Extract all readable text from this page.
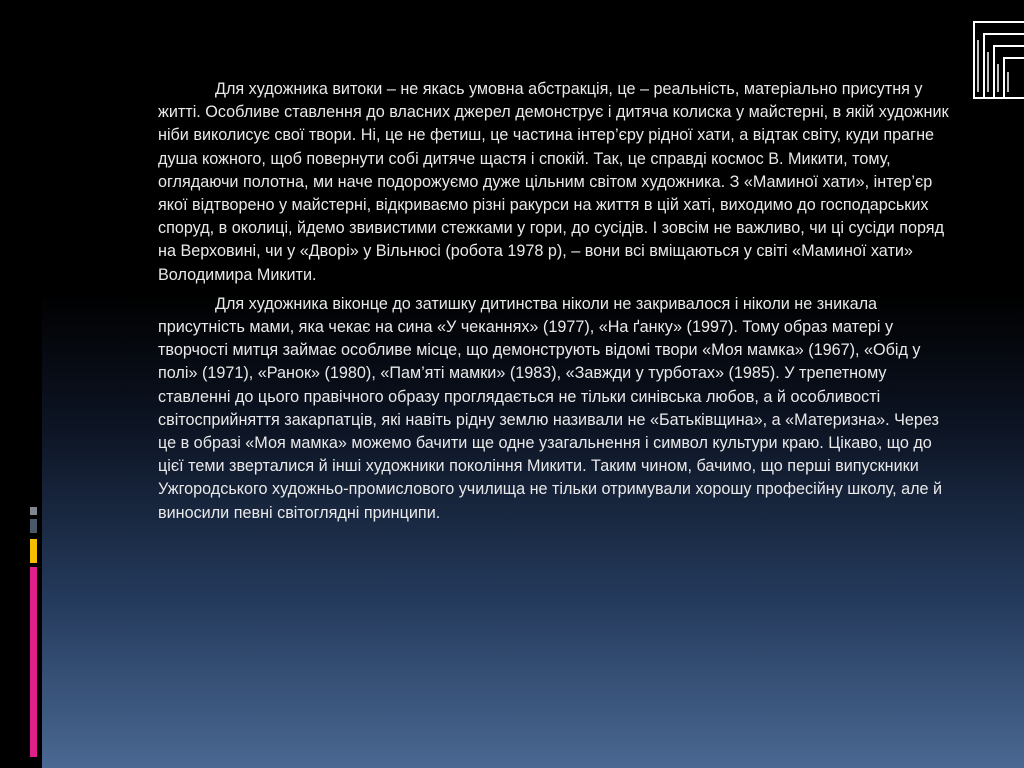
Для художника витоки – не якась умовна абстракція, це – реальність, матеріально присутня у житті. Особливе ставлення до власних джерел демонструє і дитяча колиска у майстерні, в якій художник ніби виколисує свої твори. Ні, це не фетиш, це частина інтер’єру рідної хати, а відтак світу, куди прагне душа кожного, щоб повернути собі дитяче щастя і спокій. Так, це справді космос В. Микити, тому, оглядаючи полотна, ми наче подорожуємо дуже цільним світом художника. З «Маминої хати», інтер’єр якої відтворено у майстерні, відкриваємо різні ракурси на життя в цій хаті, виходимо до господарських споруд, в околиці, йдемо звивистими стежками у гори, до сусідів. І зовсім не важливо, чи ці сусіди поряд на Верховині, чи у «Дворі» у Вільнюсі (робота 1978 р), – вони всі вміщаються у світі «Маминої хати» Володимира Микити.

Для художника віконце до затишку дитинства ніколи не закривалося і ніколи не зникала присутність мами, яка чекає на сина «У чеканнях» (1977), «На ґанку» (1997). Тому образ матері у творчості митця займає особливе місце, що демонструють відомі твори «Моя мамка» (1967), «Обід у полі» (1971), «Ранок» (1980), «Пам’яті мамки» (1983), «Завжди у турботах» (1985). У трепетному ставленні до цього правічного образу проглядається не тільки синівська любов, а й особливості світосприйняття закарпатців, які навіть рідну землю називали не «Батьківщина», а «Материзна». Через це в образі «Моя мамка» можемо бачити ще одне узагальнення і символ культури краю. Цікаво, що до цієї теми зверталися й інші художники покоління Микити. Таким чином, бачимо, що перші випускники Ужгородського художньо-промислового училища не тільки отримували хорошу професійну школу, але й виносили певні світоглядні принципи.
